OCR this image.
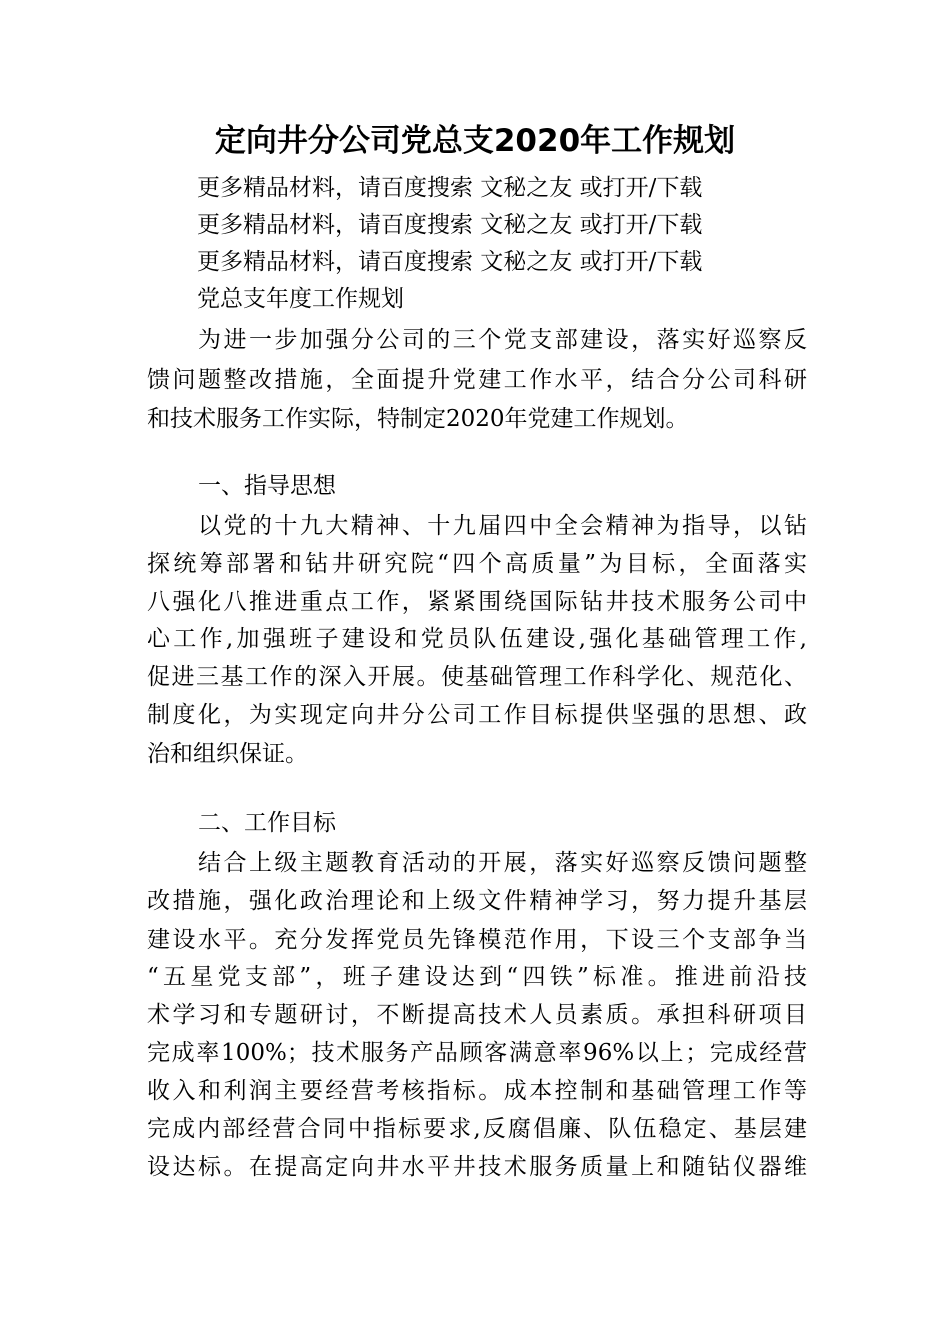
定向井分公司党总支2020年工作规划
更多精品材料，请百度搜索 文秘之友 或打开/下载
更多精品材料，请百度搜索 文秘之友 或打开/下载
更多精品材料，请百度搜索 文秘之友 或打开/下载
党总支年度工作规划
为进一步加强分公司的三个党支部建设，落实好巡察反
馈问题整改措施，全面提升党建工作水平，结合分公司科研
和技术服务工作实际，特制定2020年党建工作规划。
一、指导思想
以党的十九大精神、十九届四中全会精神为指导，以钻
探统筹部署和钻井研究院“四个高质量”为目标，全面落实
八强化八推进重点工作，紧紧围绕国际钻井技术服务公司中
心工作,加强班子建设和党员队伍建设,强化基础管理工作,
促进三基工作的深入开展。使基础管理工作科学化、规范化、
制度化，为实现定向井分公司工作目标提供坚强的思想、政
治和组织保证。
二、工作目标
结合上级主题教育活动的开展，落实好巡察反馈问题整
改措施，强化政治理论和上级文件精神学习，努力提升基层
建设水平。充分发挥党员先锋模范作用，下设三个支部争当
“五星党支部”，班子建设达到“四铁”标准。推进前沿技
术学习和专题研讨，不断提高技术人员素质。承担科研项目
完成率100%；技术服务产品顾客满意率96%以上；完成经营
收入和利润主要经营考核指标。成本控制和基础管理工作等
完成内部经营合同中指标要求,反腐倡廉、队伍稳定、基层建
设达标。在提高定向井水平井技术服务质量上和随钻仪器维
